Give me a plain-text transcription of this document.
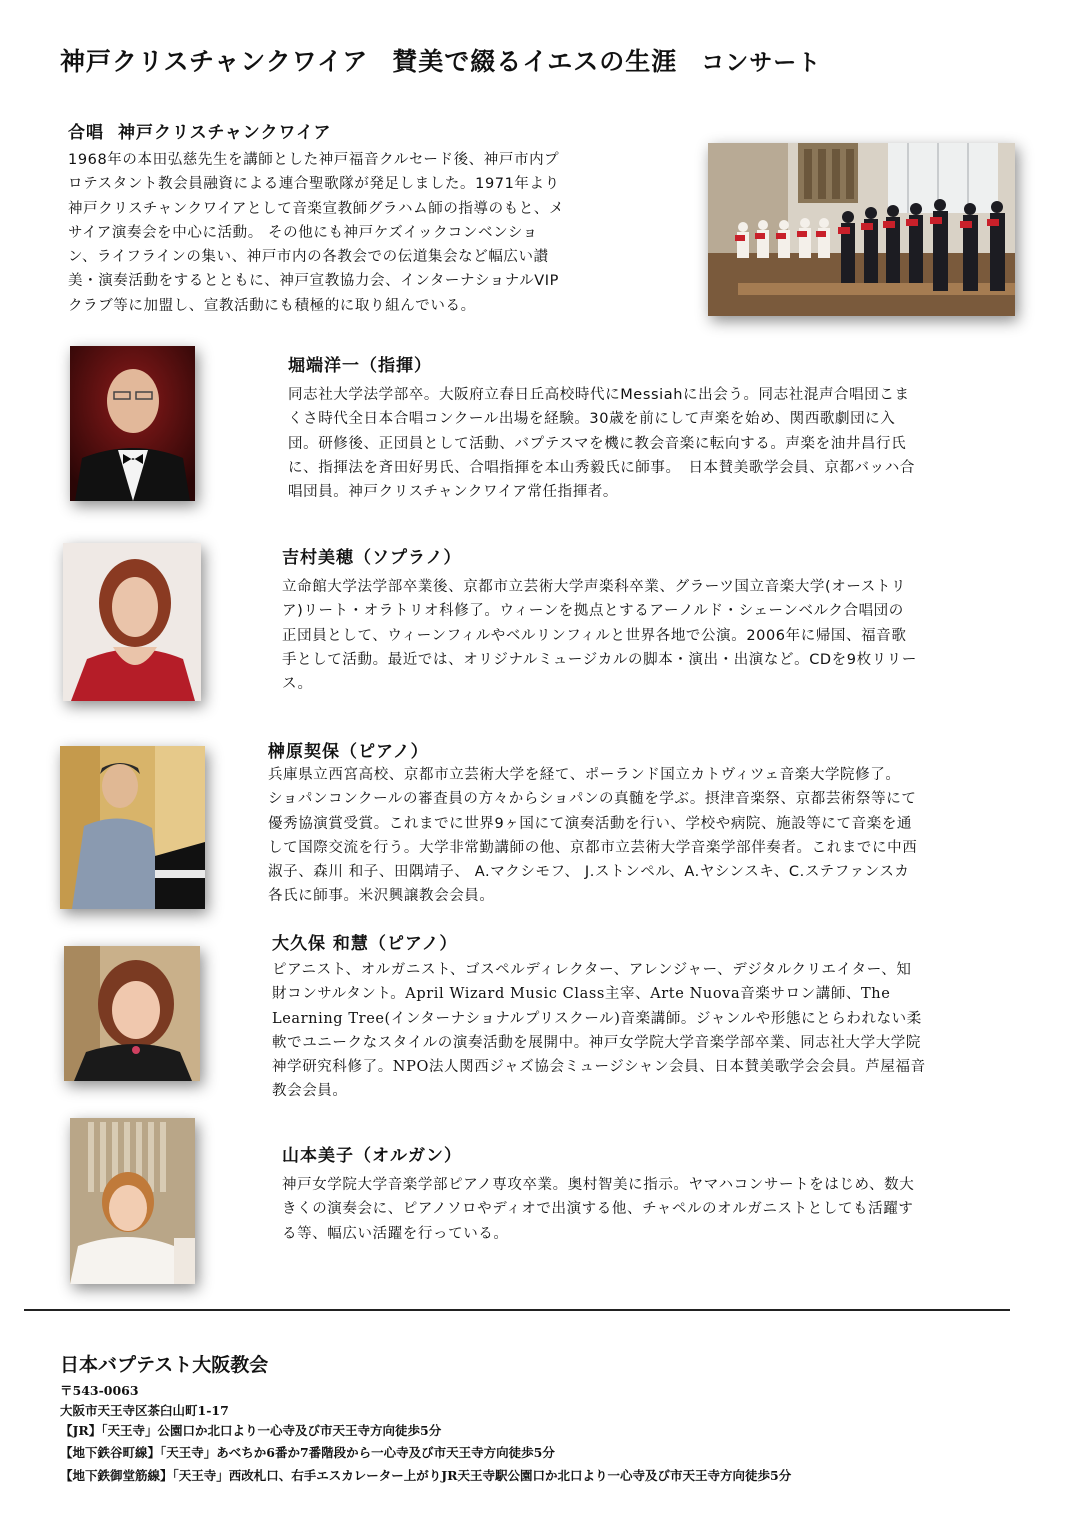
神戸クリスチャンクワイア 賛美で綴るイエスの生涯 コンサート
合唱 神戸クリスチャンクワイア
1968年の本田弘慈先生を講師とした神戸福音クルセード後、神戸市内プ
ロテスタント教会員融資による連合聖歌隊が発足しました。1971年より
神戸クリスチャンクワイアとして音楽宣教師グラハム師の指導のもと、メ
サイア演奏会を中心に活動。 その他にも神戸ケズイックコンベンショ
ン、ライフラインの集い、神戸市内の各教会での伝道集会など幅広い讃
美・演奏活動をするとともに、神戸宣教協力会、インターナショナルVIP
クラブ等に加盟し、宣教活動にも積極的に取り組んでいる。
堀端洋一（指揮）
同志社大学法学部卒。大阪府立春日丘高校時代にMessiahに出会う。同志社混声合唱団こま
くさ時代全日本合唱コンクール出場を経験。30歳を前にして声楽を始め、関西歌劇団に入
団。研修後、正団員として活動、バプテスマを機に教会音楽に転向する。声楽を油井昌行氏
に、指揮法を斉田好男氏、合唱指揮を本山秀毅氏に師事。　日本賛美歌学会員、京都バッハ合
唱団員。神戸クリスチャンクワイア常任指揮者。
吉村美穂（ソプラノ）
立命館大学法学部卒業後、京都市立芸術大学声楽科卒業、グラーツ国立音楽大学(オーストリ
ア)リート・オラトリオ科修了。ウィーンを拠点とするアーノルド・シェーンベルク合唱団の
正団員として、ウィーンフィルやベルリンフィルと世界各地で公演。2006年に帰国、福音歌
手として活動。最近では、オリジナルミュージカルの脚本・演出・出演など。CDを9枚リリー
ス。
榊原契保（ピアノ）
兵庫県立西宮高校、京都市立芸術大学を経て、ポーランド国立カトヴィツェ音楽大学院修了。
ショパンコンクールの審査員の方々からショパンの真髄を学ぶ。摂津音楽祭、京都芸術祭等にて
優秀協演賞受賞。これまでに世界9ヶ国にて演奏活動を行い、学校や病院、施設等にて音楽を通
して国際交流を行う。大学非常勤講師の他、京都市立芸術大学音楽学部伴奏者。これまでに中西
淑子、森川 和子、田隅靖子、 A.マクシモフ、 J.ストンペル、A.ヤシンスキ、C.ステファンスカ
各氏に師事。米沢興譲教会会員。
大久保 和慧（ピアノ）
ピアニスト、オルガニスト、ゴスペルディレクター、アレンジャー、デジタルクリエイター、知
財コンサルタント。April Wizard Music Class主宰、Arte Nuova音楽サロン講師、The
Learning Tree(インターナショナルプリスクール)音楽講師。ジャンルや形態にとらわれない柔
軟でユニークなスタイルの演奏活動を展開中。神戸女学院大学音楽学部卒業、同志社大学大学院
神学研究科修了。NPO法人関西ジャズ協会ミュージシャン会員、日本賛美歌学会会員。芦屋福音
教会会員。
山本美子（オルガン）
神戸女学院大学音楽学部ピアノ専攻卒業。奥村智美に指示。ヤマハコンサートをはじめ、数大
きくの演奏会に、ピアノソロやディオで出演する他、チャペルのオルガニストとしても活躍す
る等、幅広い活躍を行っている。
日本バプテスト大阪教会
〒543-0063
大阪市天王寺区茶臼山町1-17
【JR】「天王寺」公園口か北口より一心寺及び市天王寺方向徒歩5分
【地下鉄谷町線】「天王寺」あべちか6番か7番階段から一心寺及び市天王寺方向徒歩5分
【地下鉄御堂筋線】「天王寺」西改札口、右手エスカレーター上がりJR天王寺駅公園口か北口より一心寺及び市天王寺方向徒歩5分
